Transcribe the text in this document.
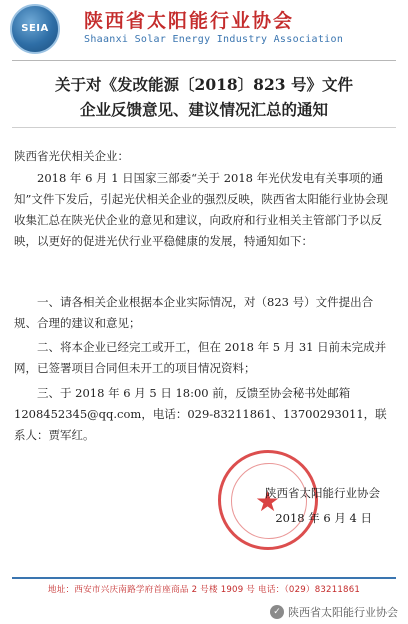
SEIA	陕西省太阳能行业协会
Shaanxi Solar Energy Industry Association
关于对《发改能源〔2018〕823 号》文件
企业反馈意见、建议情况汇总的通知
陕西省光伏相关企业：
2018 年 6 月 1 日国家三部委“关于 2018 年光伏发电有关事项的通知”文件下发后，引起光伏相关企业的强烈反映，陕西省太阳能行业协会现收集汇总在陕光伏企业的意见和建议，向政府和行业相关主管部门予以反映，以更好的促进光伏行业平稳健康的发展，特通知如下：
一、请各相关企业根据本企业实际情况，对（823 号）文件提出合规、合理的建议和意见；
二、将本企业已经完工或开工，但在 2018 年 5 月 31 日前未完成并网，已签署项目合同但未开工的项目情况资料；
三、于 2018 年 6 月 5 日 18:00 前，反馈至协会秘书处邮箱 1208452345@qq.com，电话：029-83211861、13700293011，联系人：贾军红。
★
陕西省太阳能行业协会
2018 年 6 月 4 日
地址：西安市兴庆南路学府首座商品 2 号楼 1909 号 电话：（029）83211861
✓ 陕西省太阳能行业协会
